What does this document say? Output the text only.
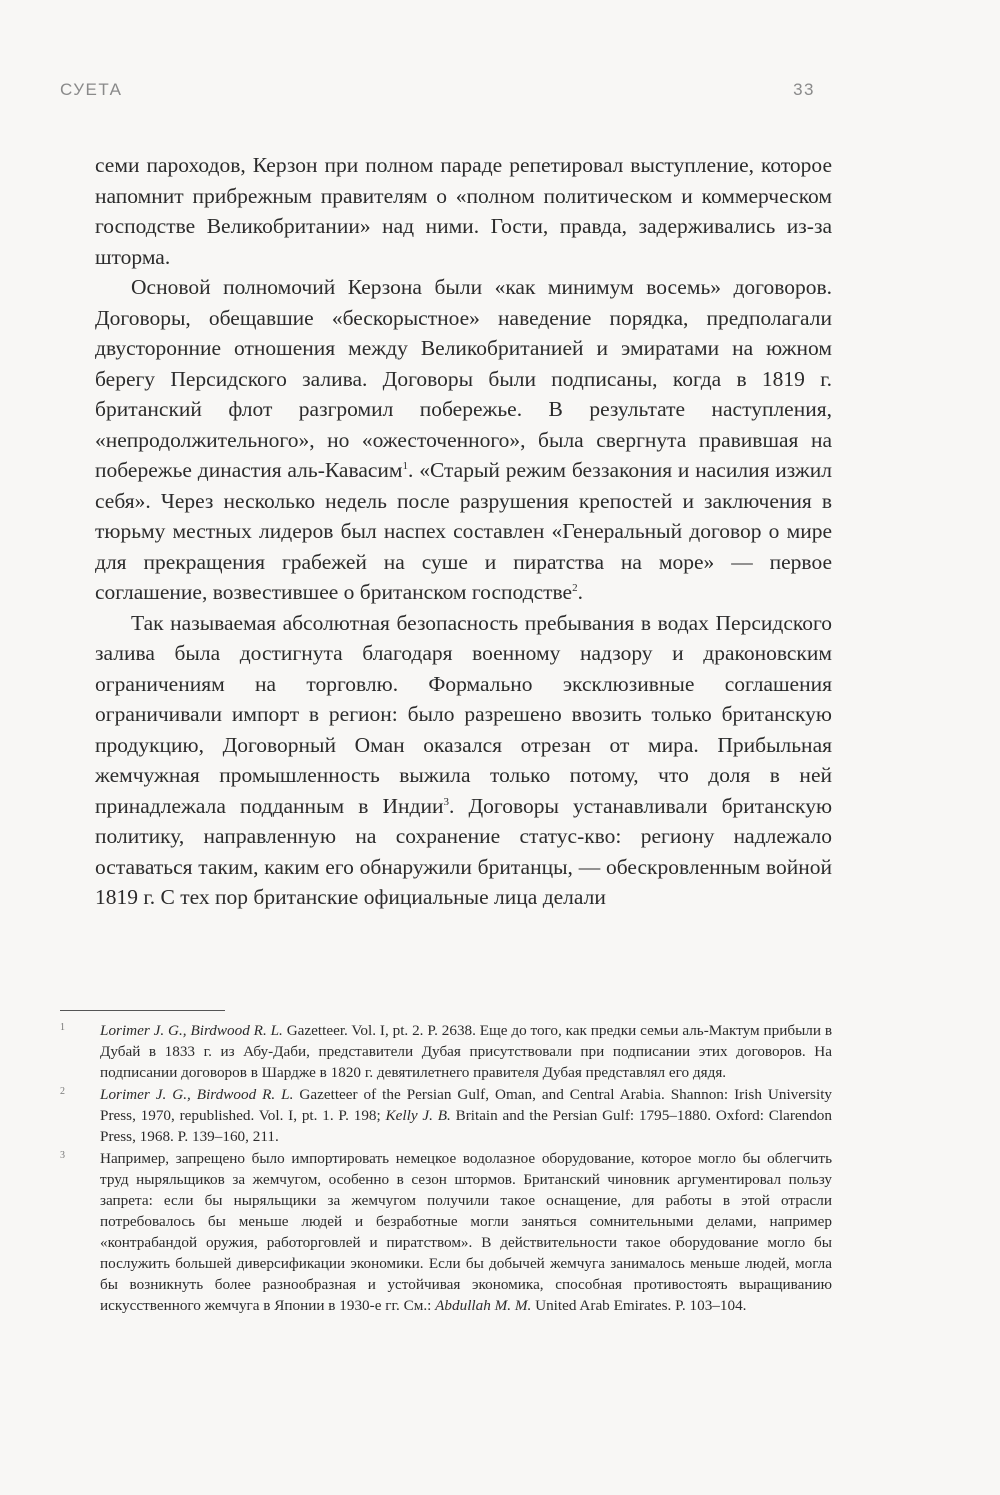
СУЕТА	33

семи пароходов, Керзон при полном параде репетировал выступление, которое напомнит прибрежным правителям о «полном политическом и коммерческом господстве Великобритании» над ними. Гости, правда, задерживались из-за шторма.

Основой полномочий Керзона были «как минимум восемь» договоров. Договоры, обещавшие «бескорыстное» наведение порядка, предполагали двусторонние отношения между Великобританией и эмиратами на южном берегу Персидского залива. Договоры были подписаны, когда в 1819 г. британский флот разгромил побережье. В результате наступления, «непродолжительного», но «ожесточенного», была свергнута правившая на побережье династия аль-Кавасим$^1$. «Старый режим беззакония и насилия изжил себя». Через несколько недель после разрушения крепостей и заключения в тюрьму местных лидеров был наспех составлен «Генеральный договор о мире для прекращения грабежей на суше и пиратства на море» — первое соглашение, возвестившее о британском господстве$^2$.

Так называемая абсолютная безопасность пребывания в водах Персидского залива была достигнута благодаря военному надзору и драконовским ограничениям на торговлю. Формально эксклюзивные соглашения ограничивали импорт в регион: было разрешено ввозить только британскую продукцию, Договорный Оман оказался отрезан от мира. Прибыльная жемчужная промышленность выжила только потому, что доля в ней принадлежала подданным в Индии$^3$. Договоры устанавливали британскую политику, направленную на сохранение статус-кво: региону надлежало оставаться таким, каким его обнаружили британцы, — обескровленным войной 1819 г. С тех пор британские официальные лица делали

1	Lorimer J. G., Birdwood R. L. Gazetteer. Vol. I, pt. 2. P. 2638. Еще до того, как предки семьи аль-Мактум прибыли в Дубай в 1833 г. из Абу-Даби, представители Дубая присутствовали при подписании этих договоров. На подписании договоров в Шардже в 1820 г. девятилетнего правителя Дубая представлял его дядя.
2	Lorimer J. G., Birdwood R. L. Gazetteer of the Persian Gulf, Oman, and Central Arabia. Shannon: Irish University Press, 1970, republished. Vol. I, pt. 1. P. 198; Kelly J. B. Britain and the Persian Gulf: 1795–1880. Oxford: Clarendon Press, 1968. P. 139–160, 211.
3	Например, запрещено было импортировать немецкое водолазное оборудование, которое могло бы облегчить труд ныряльщиков за жемчугом, особенно в сезон штормов. Британский чиновник аргументировал пользу запрета: если бы ныряльщики за жемчугом получили такое оснащение, для работы в этой отрасли потребовалось бы меньше людей и безработные могли заняться сомнительными делами, например «контрабандой оружия, работорговлей и пиратством». В действительности такое оборудование могло бы послужить большей диверсификации экономики. Если бы добычей жемчуга занималось меньше людей, могла бы возникнуть более разнообразная и устойчивая экономика, способная противостоять выращиванию искусственного жемчуга в Японии в 1930-е гг. См.: Abdullah M. M. United Arab Emirates. P. 103–104.
